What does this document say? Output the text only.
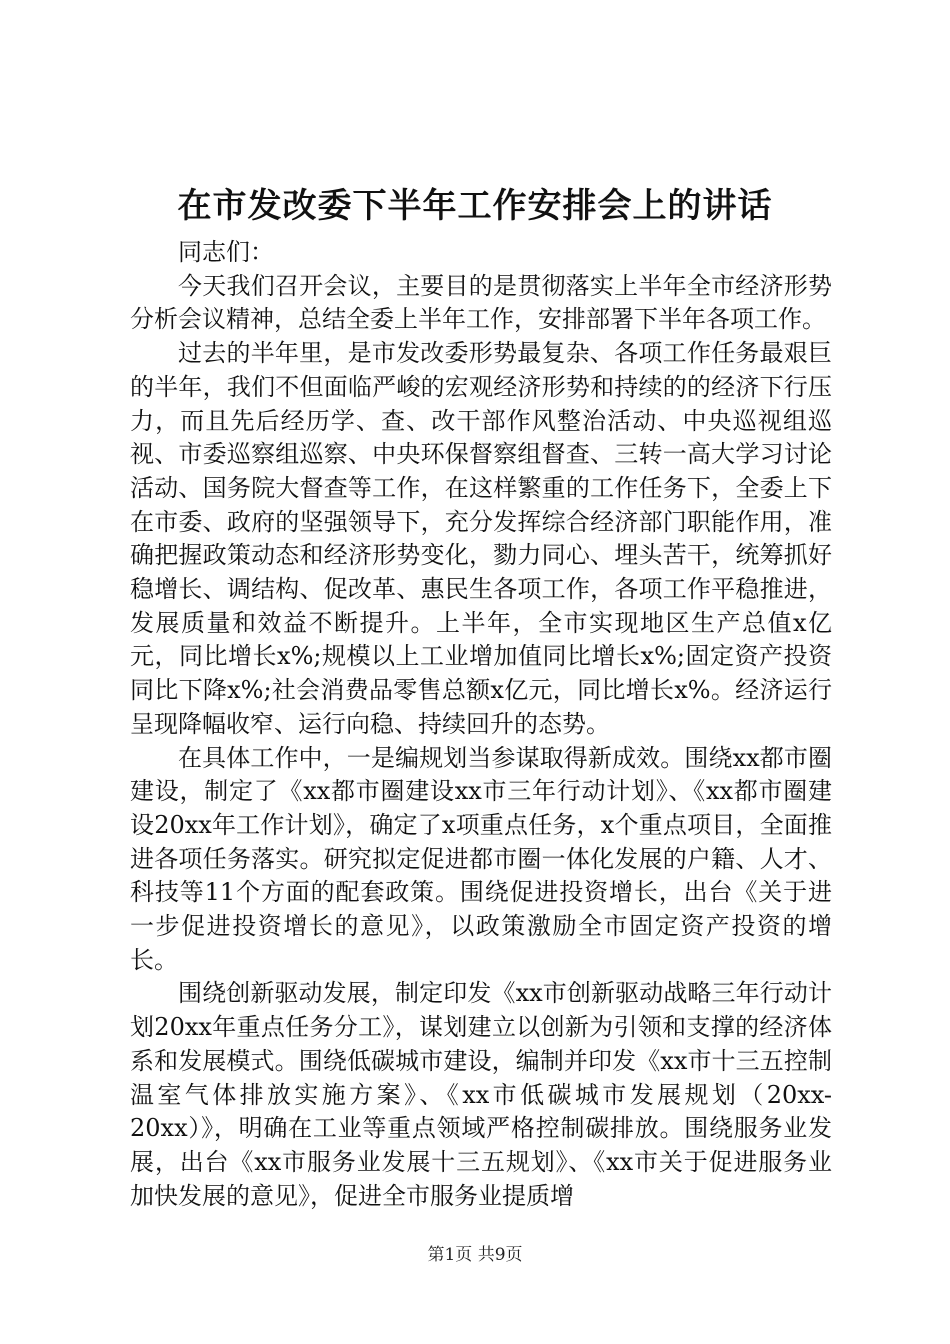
在市发改委下半年工作安排会上的讲话

同志们：

今天我们召开会议，主要目的是贯彻落实上半年全市经济形势分析会议精神，总结全委上半年工作，安排部署下半年各项工作。

过去的半年里，是市发改委形势最复杂、各项工作任务最艰巨的半年，我们不但面临严峻的宏观经济形势和持续的的经济下行压力，而且先后经历学、查、改干部作风整治活动、中央巡视组巡视、市委巡察组巡察、中央环保督察组督查、三转一高大学习讨论活动、国务院大督查等工作，在这样繁重的工作任务下，全委上下在市委、政府的坚强领导下，充分发挥综合经济部门职能作用，准确把握政策动态和经济形势变化，勠力同心、埋头苦干，统筹抓好稳增长、调结构、促改革、惠民生各项工作，各项工作平稳推进，发展质量和效益不断提升。上半年，全市实现地区生产总值x亿元，同比增长x%;规模以上工业增加值同比增长x%;固定资产投资同比下降x%;社会消费品零售总额x亿元，同比增长x%。经济运行呈现降幅收窄、运行向稳、持续回升的态势。

在具体工作中，一是编规划当参谋取得新成效。围绕xx都市圈建设，制定了《xx都市圈建设xx市三年行动计划》、《xx都市圈建设20xx年工作计划》，确定了x项重点任务，x个重点项目，全面推进各项任务落实。研究拟定促进都市圈一体化发展的户籍、人才、科技等11个方面的配套政策。围绕促进投资增长，出台《关于进一步促进投资增长的意见》，以政策激励全市固定资产投资的增长。

围绕创新驱动发展，制定印发《xx市创新驱动战略三年行动计划20xx年重点任务分工》，谋划建立以创新为引领和支撑的经济体系和发展模式。围绕低碳城市建设，编制并印发《xx市十三五控制温室气体排放实施方案》、《xx市低碳城市发展规划（20xx-20xx）》，明确在工业等重点领域严格控制碳排放。围绕服务业发展，出台《xx市服务业发展十三五规划》、《xx市关于促进服务业加快发展的意见》，促进全市服务业提质增

第1页 共9页
